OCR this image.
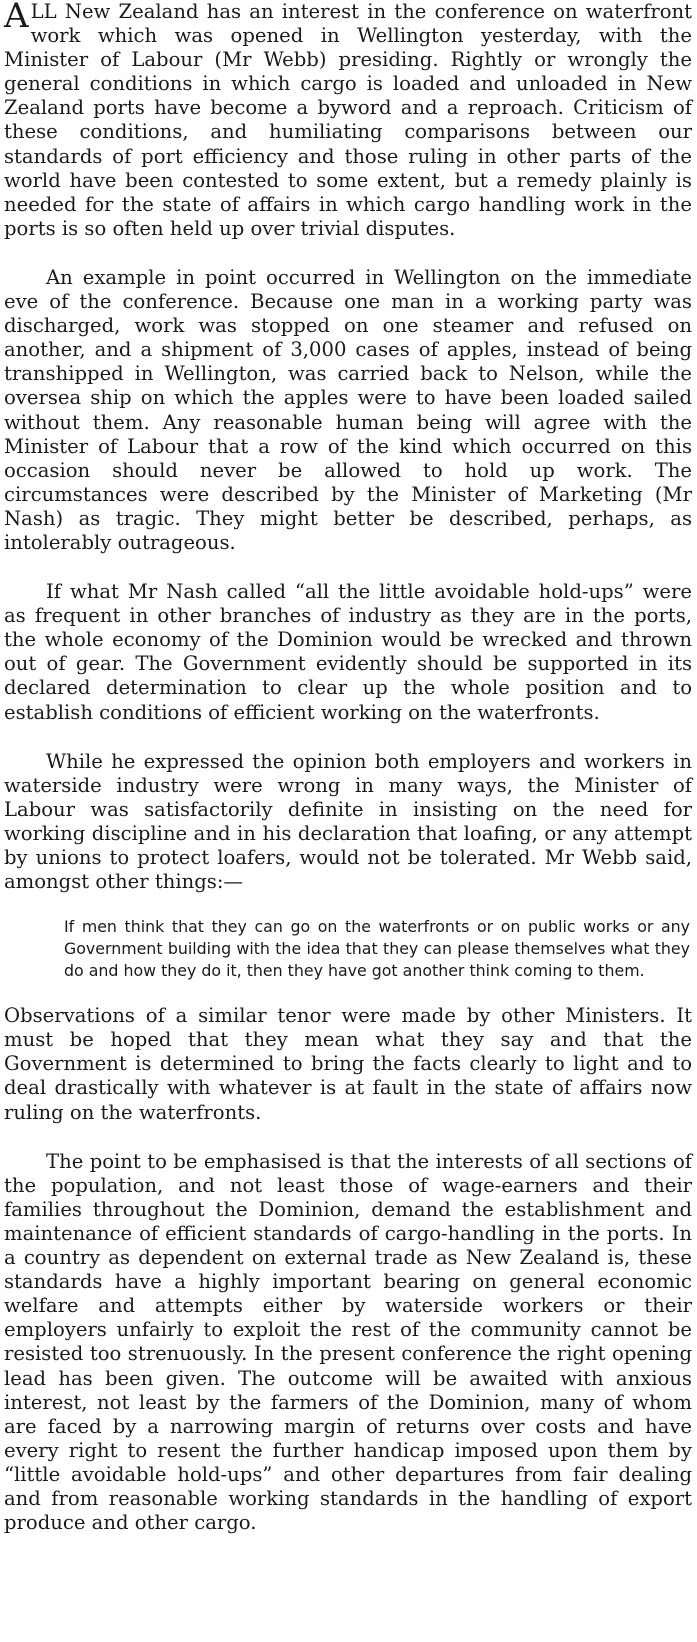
ALL New Zealand has an interest in the conference on waterfront work which was opened in Wellington yesterday, with the Minister of Labour (Mr Webb) presiding. Rightly or wrongly the general conditions in which cargo is loaded and unloaded in New Zealand ports have become a byword and a reproach. Criticism of these conditions, and humiliating comparisons between our standards of port efficiency and those ruling in other parts of the world have been contested to some extent, but a remedy plainly is needed for the state of affairs in which cargo handling work in the ports is so often held up over trivial disputes.

An example in point occurred in Wellington on the immediate eve of the conference. Because one man in a working party was discharged, work was stopped on one steamer and refused on another, and a shipment of 3,000 cases of apples, instead of being transhipped in Wellington, was carried back to Nelson, while the oversea ship on which the apples were to have been loaded sailed without them. Any reasonable human being will agree with the Minister of Labour that a row of the kind which occurred on this occasion should never be allowed to hold up work. The circumstances were described by the Minister of Marketing (Mr Nash) as tragic. They might better be described, perhaps, as intolerably outrageous.

If what Mr Nash called “all the little avoidable hold-ups” were as frequent in other branches of industry as they are in the ports, the whole economy of the Dominion would be wrecked and thrown out of gear. The Government evidently should be supported in its declared determination to clear up the whole position and to establish conditions of efficient working on the waterfronts.

While he expressed the opinion both employers and workers in waterside industry were wrong in many ways, the Minister of Labour was satisfactorily definite in insisting on the need for working discipline and in his declaration that loafing, or any attempt by unions to protect loafers, would not be tolerated. Mr Webb said, amongst other things:—

If men think that they can go on the waterfronts or on public works or any Government building with the idea that they can please themselves what they do and how they do it, then they have got another think coming to them.

Observations of a similar tenor were made by other Ministers. It must be hoped that they mean what they say and that the Government is determined to bring the facts clearly to light and to deal drastically with whatever is at fault in the state of affairs now ruling on the waterfronts.

The point to be emphasised is that the interests of all sections of the population, and not least those of wage-earners and their families throughout the Dominion, demand the establishment and maintenance of efficient standards of cargo-handling in the ports. In a country as dependent on external trade as New Zealand is, these standards have a highly important bearing on general economic welfare and attempts either by waterside workers or their employers unfairly to exploit the rest of the community cannot be resisted too strenuously. In the present conference the right opening lead has been given. The outcome will be awaited with anxious interest, not least by the farmers of the Dominion, many of whom are faced by a narrowing margin of returns over costs and have every right to resent the further handicap imposed upon them by “little avoidable hold-ups” and other departures from fair dealing and from reasonable working standards in the handling of export produce and other cargo.
